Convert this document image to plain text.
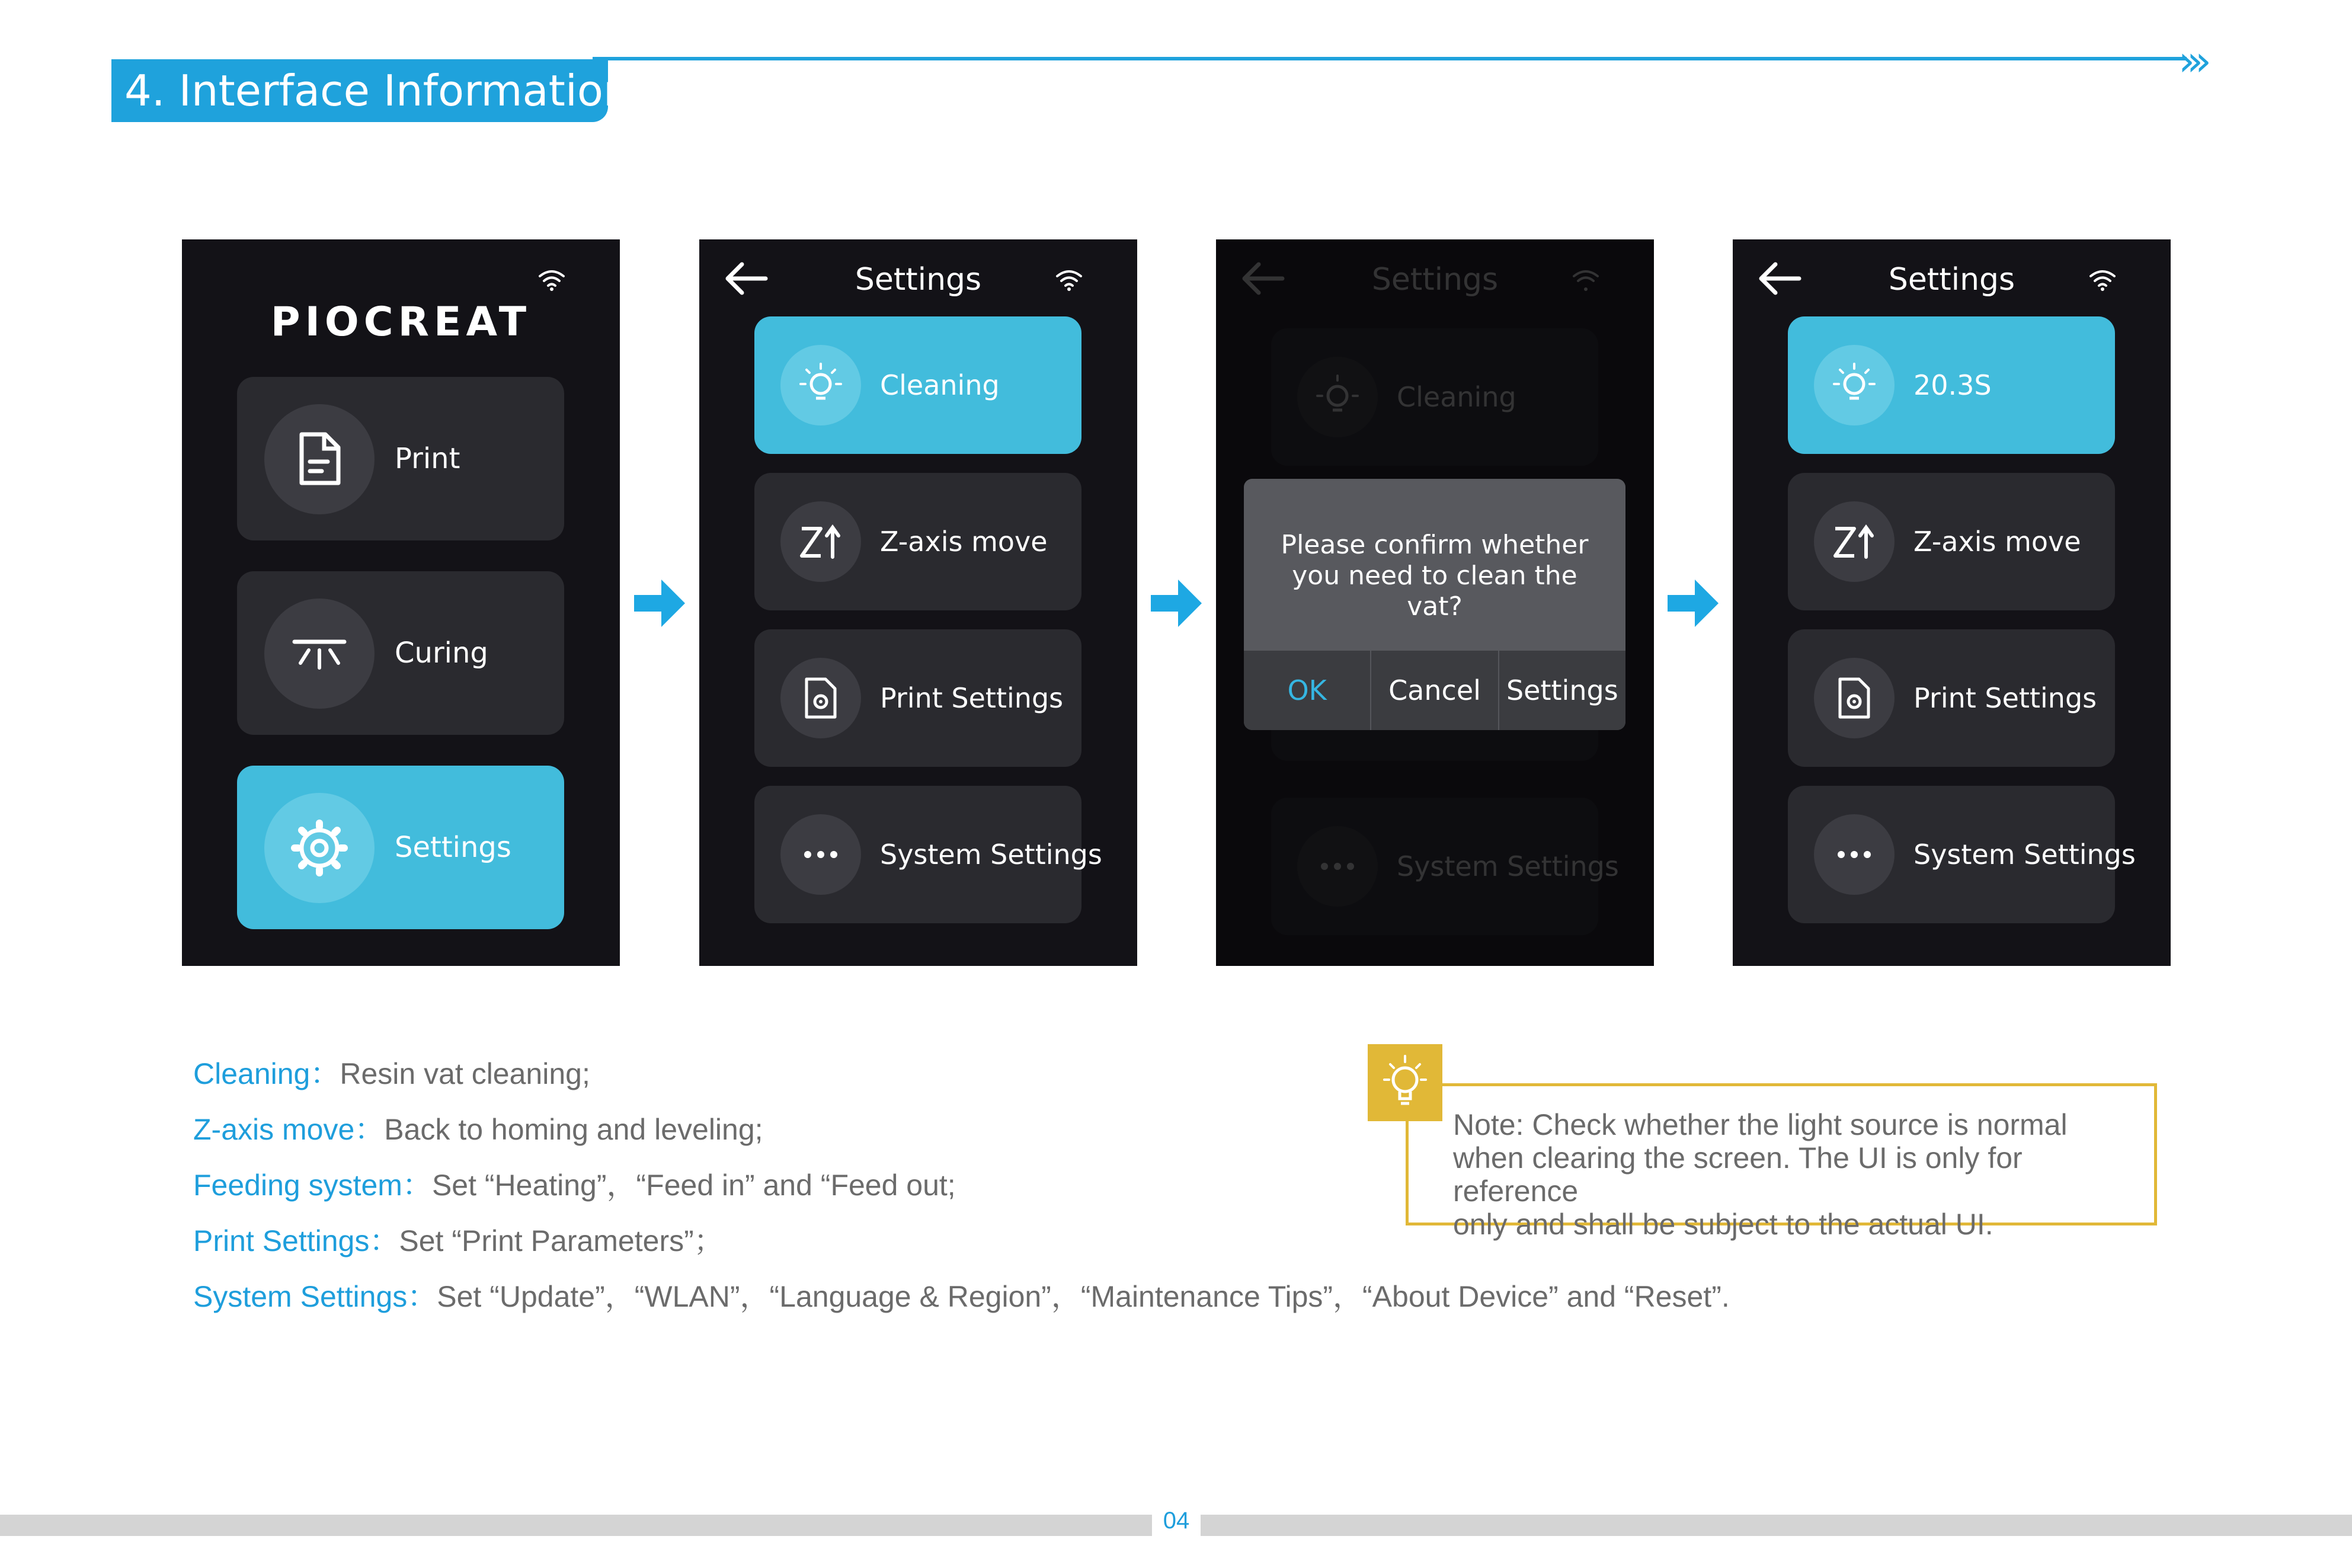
4. Interface Information
›››
PIOCREAT
Print
Curing
Settings
Settings
Cleaning
Z-axis move
Print Settings
System Settings
Settings
Cleaning
System Settings
Please confirm whether you need to clean the vat?
OK	Cancel Settings
Settings
20.3S
Z-axis move
Print Settings
System Settings
Cleaning：Resin vat cleaning;
Z-axis move：Back to homing and leveling;
Feeding system：Set “Heating”，“Feed in” and “Feed out;
Print Settings：Set “Print Parameters”；
System Settings：Set “Update”，“WLAN”，“Language & Region”，“Maintenance Tips”，“About Device” and “Reset”.
Note: Check whether the light source is normal
when clearing the screen. The UI is only for reference
only and shall be subject to the actual UI.
04
